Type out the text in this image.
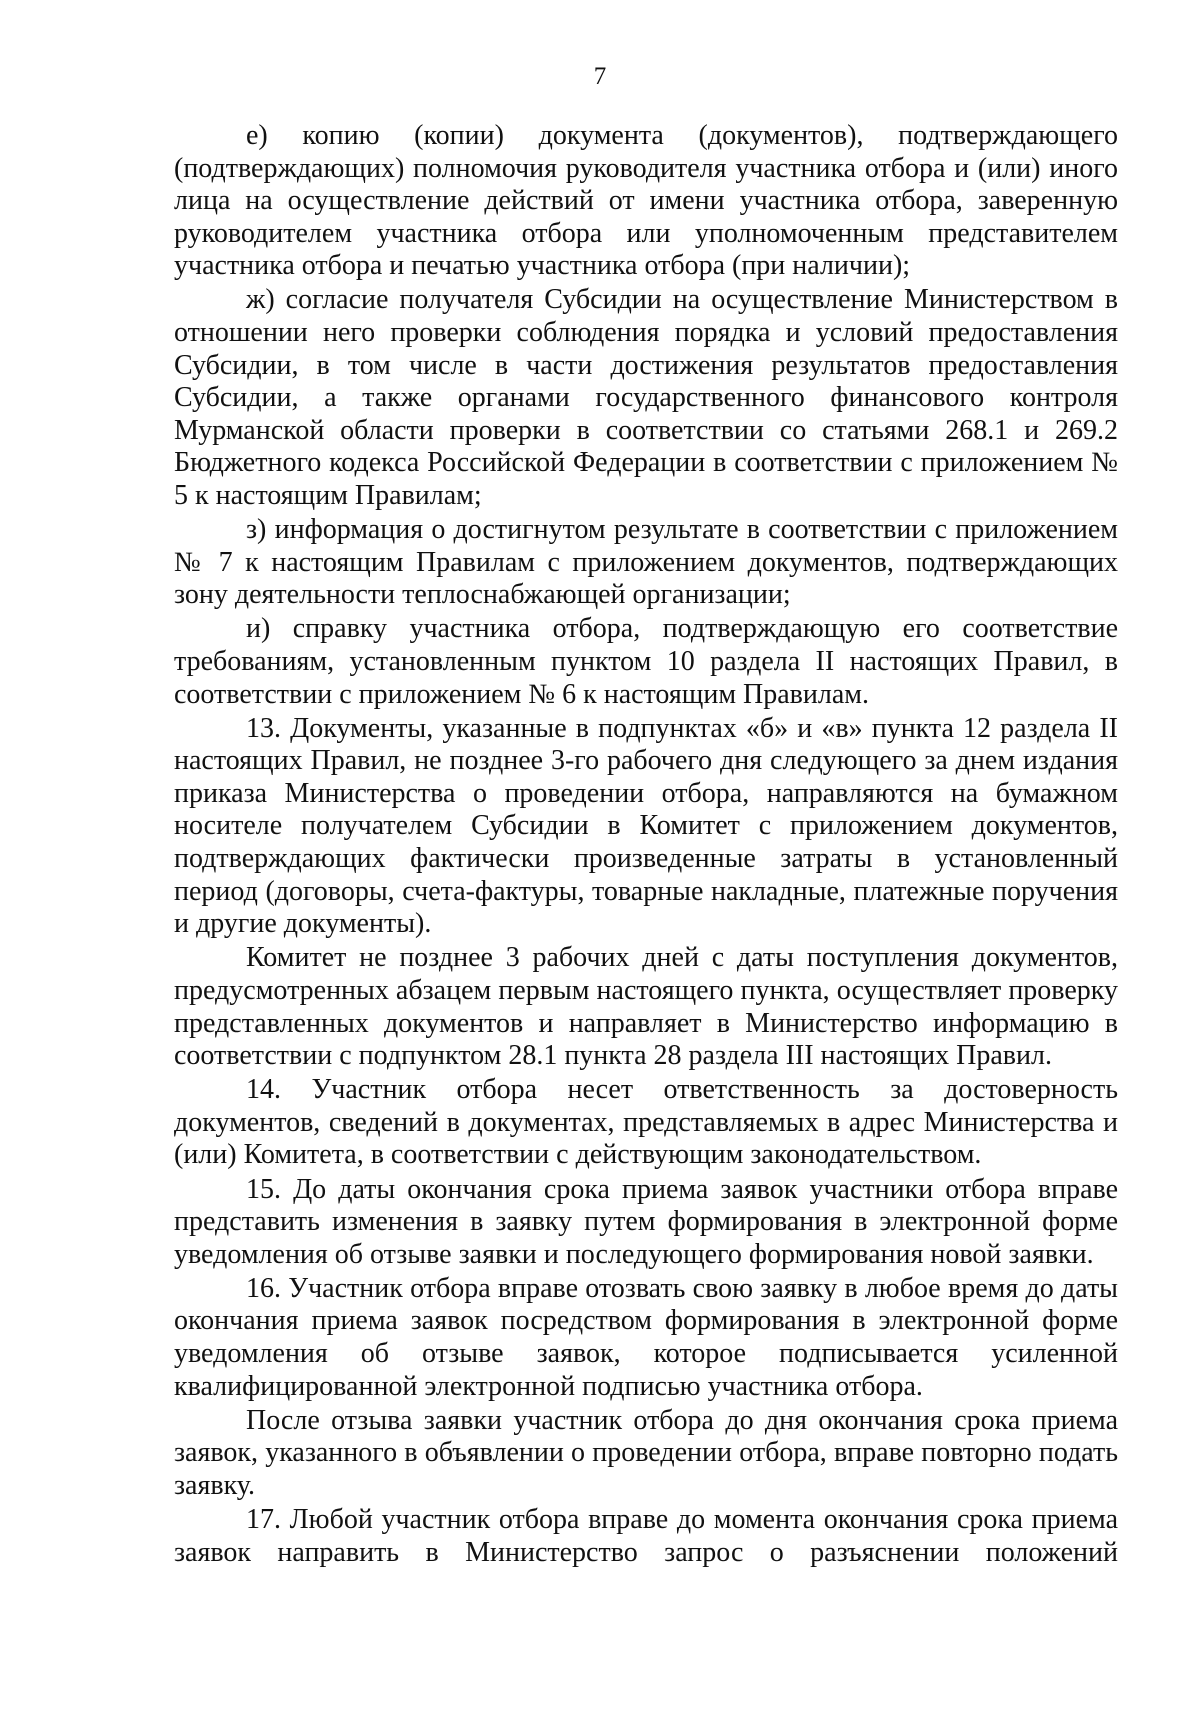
7

е) копию (копии) документа (документов), подтверждающего (подтверждающих) полномочия руководителя участника отбора и (или) иного лица на осуществление действий от имени участника отбора, заверенную руководителем участника отбора или уполномоченным представителем участника отбора и печатью участника отбора (при наличии);

ж) согласие получателя Субсидии на осуществление Министерством в отношении него проверки соблюдения порядка и условий предоставления Субсидии, в том числе в части достижения результатов предоставления Субсидии, а также органами государственного финансового контроля Мурманской области проверки в соответствии со статьями 268.1 и 269.2 Бюджетного кодекса Российской Федерации в соответствии с приложением № 5 к настоящим Правилам;

з) информация о достигнутом результате в соответствии с приложением № 7 к настоящим Правилам с приложением документов, подтверждающих зону деятельности теплоснабжающей организации;

и) справку участника отбора, подтверждающую его соответствие требованиям, установленным пунктом 10 раздела II настоящих Правил, в соответствии с приложением № 6 к настоящим Правилам.

13. Документы, указанные в подпунктах «б» и «в» пункта 12 раздела II настоящих Правил, не позднее 3-го рабочего дня следующего за днем издания приказа Министерства о проведении отбора, направляются на бумажном носителе получателем Субсидии в Комитет с приложением документов, подтверждающих фактически произведенные затраты в установленный период (договоры, счета-фактуры, товарные накладные, платежные поручения и другие документы).

Комитет не позднее 3 рабочих дней с даты поступления документов, предусмотренных абзацем первым настоящего пункта, осуществляет проверку представленных документов и направляет в Министерство информацию в соответствии с подпунктом 28.1 пункта 28 раздела III настоящих Правил.

14. Участник отбора несет ответственность за достоверность документов, сведений в документах, представляемых в адрес Министерства и (или) Комитета, в соответствии с действующим законодательством.

15. До даты окончания срока приема заявок участники отбора вправе представить изменения в заявку путем формирования в электронной форме уведомления об отзыве заявки и последующего формирования новой заявки.

16. Участник отбора вправе отозвать свою заявку в любое время до даты окончания приема заявок посредством формирования в электронной форме уведомления об отзыве заявок, которое подписывается усиленной квалифицированной электронной подписью участника отбора.

После отзыва заявки участник отбора до дня окончания срока приема заявок, указанного в объявлении о проведении отбора, вправе повторно подать заявку.

17. Любой участник отбора вправе до момента окончания срока приема заявок направить в Министерство запрос о разъяснении положений
